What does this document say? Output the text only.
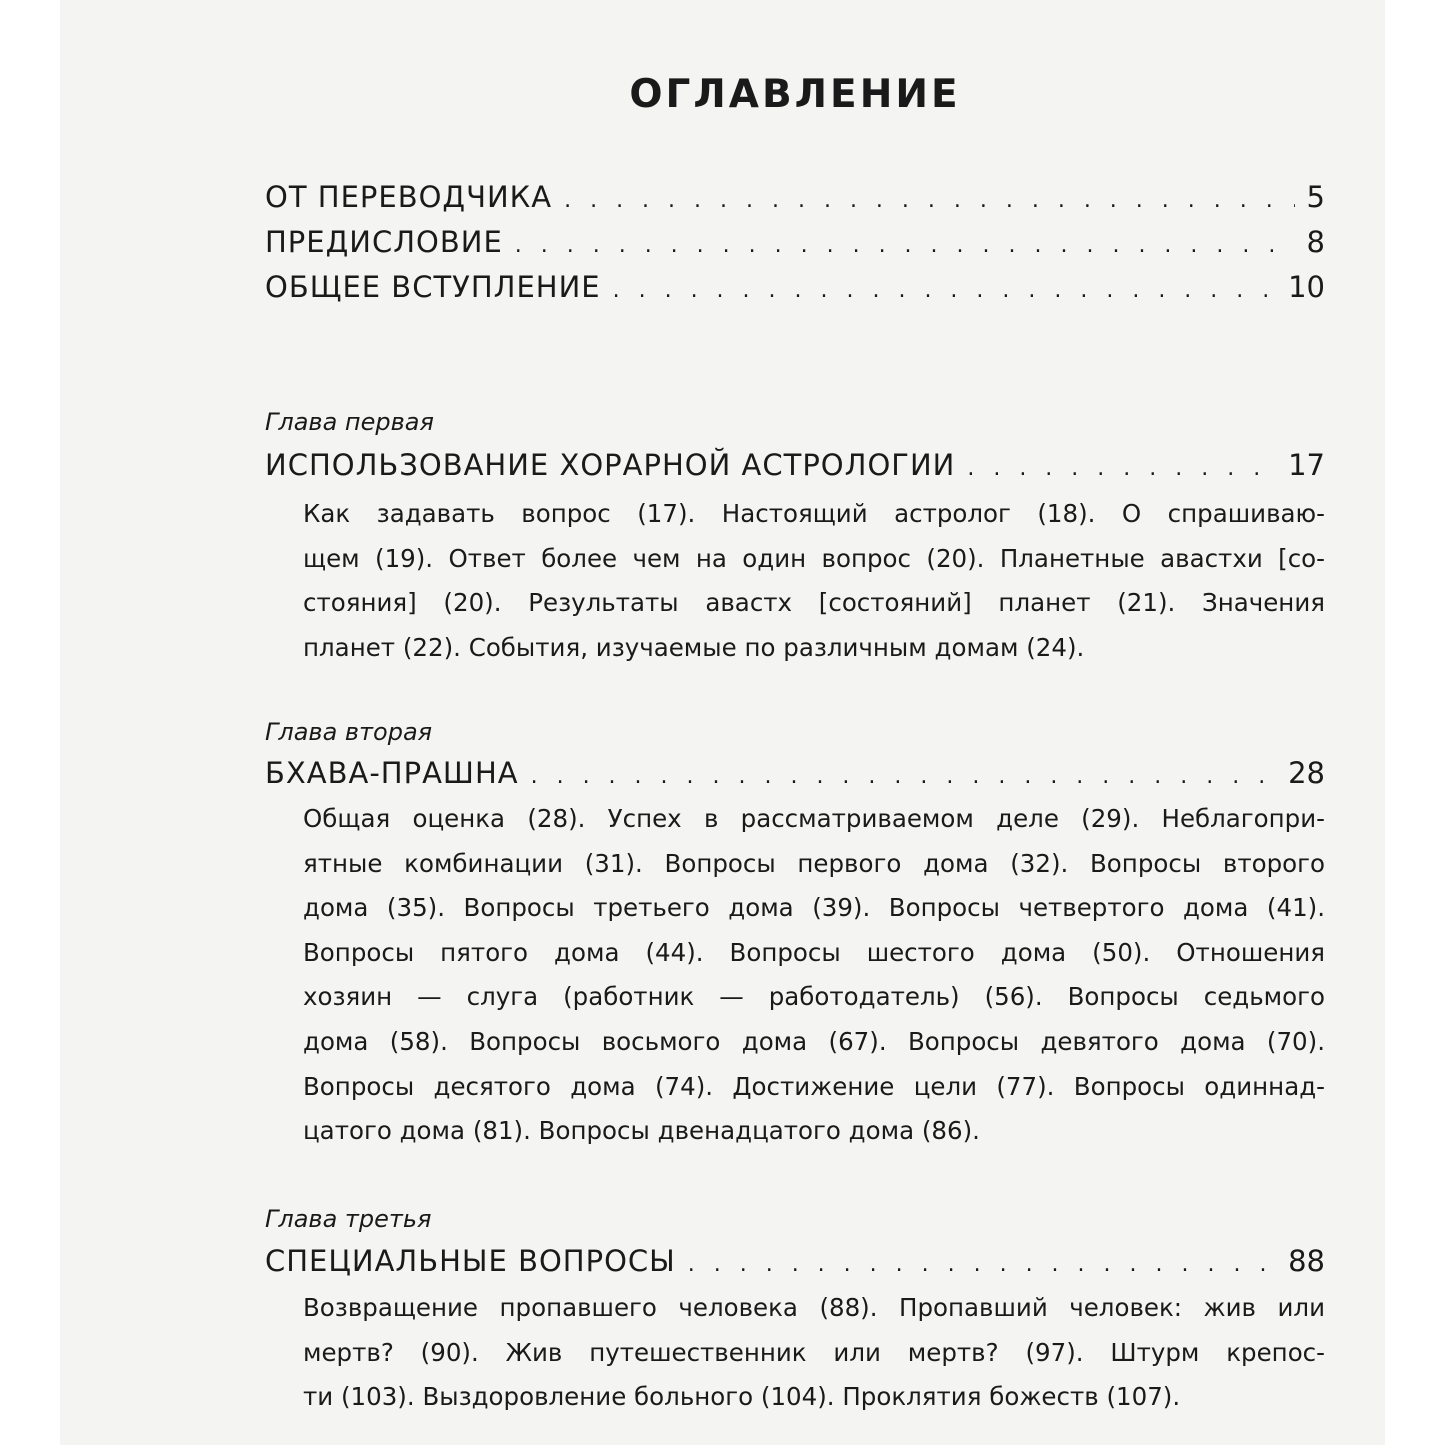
ОГЛАВЛЕНИЕ
ОТ ПЕРЕВОДЧИКА . . .	5
ПРЕДИСЛОВИЕ . . .	8
ОБЩЕЕ ВСТУПЛЕНИЕ . . .	10
Глава первая
ИСПОЛЬЗОВАНИЕ ХОРАРНОЙ АСТРОЛОГИИ . . .	17
Как задавать вопрос (17). Настоящий астролог (18). О спрашиваю-
щем (19). Ответ более чем на один вопрос (20). Планетные авастхи [со-
стояния] (20). Результаты авастх [состояний] планет (21). Значения
планет (22). События, изучаемые по различным домам (24).
Глава вторая
БХАВА-ПРАШНА . . .	28
Общая оценка (28). Успех в рассматриваемом деле (29). Неблагопри-
ятные комбинации (31). Вопросы первого дома (32). Вопросы второго
дома (35). Вопросы третьего дома (39). Вопросы четвертого дома (41).
Вопросы пятого дома (44). Вопросы шестого дома (50). Отношения
хозяин — слуга (работник — работодатель) (56). Вопросы седьмого
дома (58). Вопросы восьмого дома (67). Вопросы девятого дома (70).
Вопросы десятого дома (74). Достижение цели (77). Вопросы одиннад-
цатого дома (81). Вопросы двенадцатого дома (86).
Глава третья
СПЕЦИАЛЬНЫЕ ВОПРОСЫ . . .	88
Возвращение пропавшего человека (88). Пропавший человек: жив или
мертв? (90). Жив путешественник или мертв? (97). Штурм крепос-
ти (103). Выздоровление больного (104). Проклятия божеств (107).
